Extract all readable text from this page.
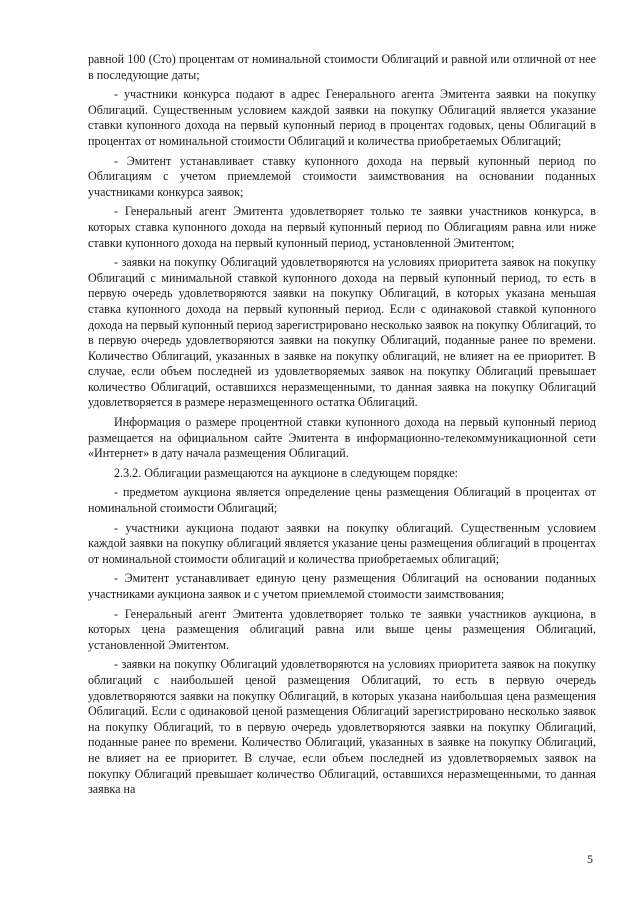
равной 100 (Сто) процентам от номинальной стоимости Облигаций и равной или отличной от нее в последующие даты;

- участники конкурса подают в адрес Генерального агента Эмитента заявки на покупку Облигаций. Существенным условием каждой заявки на покупку Облигаций является указание ставки купонного дохода на первый купонный период в процентах годовых, цены Облигаций в процентах от номинальной стоимости Облигаций и количества приобретаемых Облигаций;

- Эмитент устанавливает ставку купонного дохода на первый купонный период по Облигациям с учетом приемлемой стоимости заимствования на основании поданных участниками конкурса заявок;

- Генеральный агент Эмитента удовлетворяет только те заявки участников конкурса, в которых ставка купонного дохода на первый купонный период по Облигациям равна или ниже ставки купонного дохода на первый купонный период, установленной Эмитентом;

- заявки на покупку Облигаций удовлетворяются на условиях приоритета заявок на покупку Облигаций с минимальной ставкой купонного дохода на первый купонный период, то есть в первую очередь удовлетворяются заявки на покупку Облигаций, в которых указана меньшая ставка купонного дохода на первый купонный период. Если с одинаковой ставкой купонного дохода на первый купонный период зарегистрировано несколько заявок на покупку Облигаций, то в первую очередь удовлетворяются заявки на покупку Облигаций, поданные ранее по времени. Количество Облигаций, указанных в заявке на покупку облигаций, не влияет на ее приоритет. В случае, если объем последней из удовлетворяемых заявок на покупку Облигаций превышает количество Облигаций, оставшихся неразмещенными, то данная заявка на покупку Облигаций удовлетворяется в размере неразмещенного остатка Облигаций.

Информация о размере процентной ставки купонного дохода на первый купонный период размещается на официальном сайте Эмитента в информационно-телекоммуникационной сети «Интернет» в дату начала размещения Облигаций.

2.3.2. Облигации размещаются на аукционе в следующем порядке:

- предметом аукциона является определение цены размещения Облигаций в процентах от номинальной стоимости Облигаций;

- участники аукциона подают заявки на покупку облигаций. Существенным условием каждой заявки на покупку облигаций является указание цены размещения облигаций в процентах от номинальной стоимости облигаций и количества приобретаемых облигаций;

- Эмитент устанавливает единую цену размещения Облигаций на основании поданных участниками аукциона заявок и с учетом приемлемой стоимости заимствования;

- Генеральный агент Эмитента удовлетворяет только те заявки участников аукциона, в которых цена размещения облигаций равна или выше цены размещения Облигаций, установленной Эмитентом.

- заявки на покупку Облигаций удовлетворяются на условиях приоритета заявок на покупку облигаций с наибольшей ценой размещения Облигаций, то есть в первую очередь удовлетворяются заявки на покупку Облигаций, в которых указана наибольшая цена размещения Облигаций. Если с одинаковой ценой размещения Облигаций зарегистрировано несколько заявок на покупку Облигаций, то в первую очередь удовлетворяются заявки на покупку Облигаций, поданные ранее по времени. Количество Облигаций, указанных в заявке на покупку Облигаций, не влияет на ее приоритет. В случае, если объем последней из удовлетворяемых заявок на покупку Облигаций превышает количество Облигаций, оставшихся неразмещенными, то данная заявка на

5
